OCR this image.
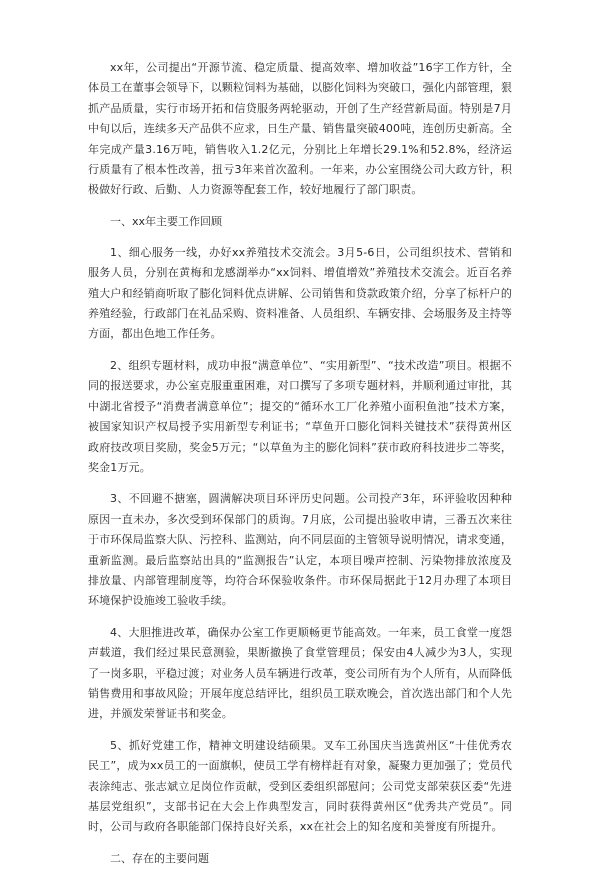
xx年，公司提出“开源节流、稳定质量、提高效率、增加收益”16字工作方针，全体员工在董事会领导下，以颗粒饲料为基础，以膨化饲料为突破口，强化内部管理，狠抓产品质量，实行市场开拓和信贷服务两轮驱动，开创了生产经营新局面。特别是7月中旬以后，连续多天产品供不应求，日生产量、销售量突破400吨，连创历史新高。全年完成产量3.16万吨，销售收入1.2亿元，分别比上年增长29.1%和52.8%，经济运行质量有了根本性改善，扭亏3年来首次盈利。一年来，办公室围绕公司大政方针，积极做好行政、后勤、人力资源等配套工作，较好地履行了部门职责。

一、xx年主要工作回顾

1、细心服务一线，办好xx养殖技术交流会。3月5-6日，公司组织技术、营销和服务人员，分别在黄梅和龙感湖举办“xx饲料、增值增效”养殖技术交流会。近百名养殖大户和经销商听取了膨化饲料优点讲解、公司销售和贷款政策介绍，分享了标杆户的养殖经验，行政部门在礼品采购、资料准备、人员组织、车辆安排、会场服务及主持等方面，都出色地工作任务。

2、组织专题材料，成功申报“满意单位”、“实用新型”、“技术改造”项目。根据不同的报送要求，办公室克服重重困难，对口撰写了多项专题材料，并顺利通过审批，其中湖北省授予“消费者满意单位”；提交的“循环水工厂化养殖小面积鱼池”技术方案，被国家知识产权局授予实用新型专利证书；“草鱼开口膨化饲料关键技术”获得黄州区政府技改项目奖励，奖金5万元；“以草鱼为主的膨化饲料”获市政府科技进步二等奖，奖金1万元。

3、不回避不搪塞，圆满解决项目环评历史问题。公司投产3年，环评验收因种种原因一直未办，多次受到环保部门的质询。7月底，公司提出验收申请，三番五次来往于市环保局监察大队、污控科、监测站，向不同层面的主管领导说明情况，请求变通，重新监测。最后监察站出具的“监测报告”认定，本项目噪声控制、污染物排放浓度及排放量、内部管理制度等，均符合环保验收条件。市环保局据此于12月办理了本项目环境保护设施竣工验收手续。

4、大胆推进改革，确保办公室工作更顺畅更节能高效。一年来，员工食堂一度怨声载道，我们经过果民意测验，果断撤换了食堂管理员；保安由4人减少为3人，实现了一岗多职，平稳过渡；对业务人员车辆进行改革，变公司所有为个人所有，从而降低销售费用和事故风险；开展年度总结评比，组织员工联欢晚会，首次选出部门和个人先进，并颁发荣誉证书和奖金。

5、抓好党建工作，精神文明建设结硕果。叉车工孙国庆当选黄州区“十佳优秀农民工”，成为xx员工的一面旗帜，使员工学有榜样赶有对象，凝聚力更加强了；党员代表涂纯志、张志斌立足岗位作贡献，受到区委组织部慰问；公司党支部荣获区委“先进基层党组织”，支部书记在大会上作典型发言，同时获得黄州区“优秀共产党员”。同时，公司与政府各职能部门保持良好关系，xx在社会上的知名度和美誉度有所提升。

二、存在的主要问题
